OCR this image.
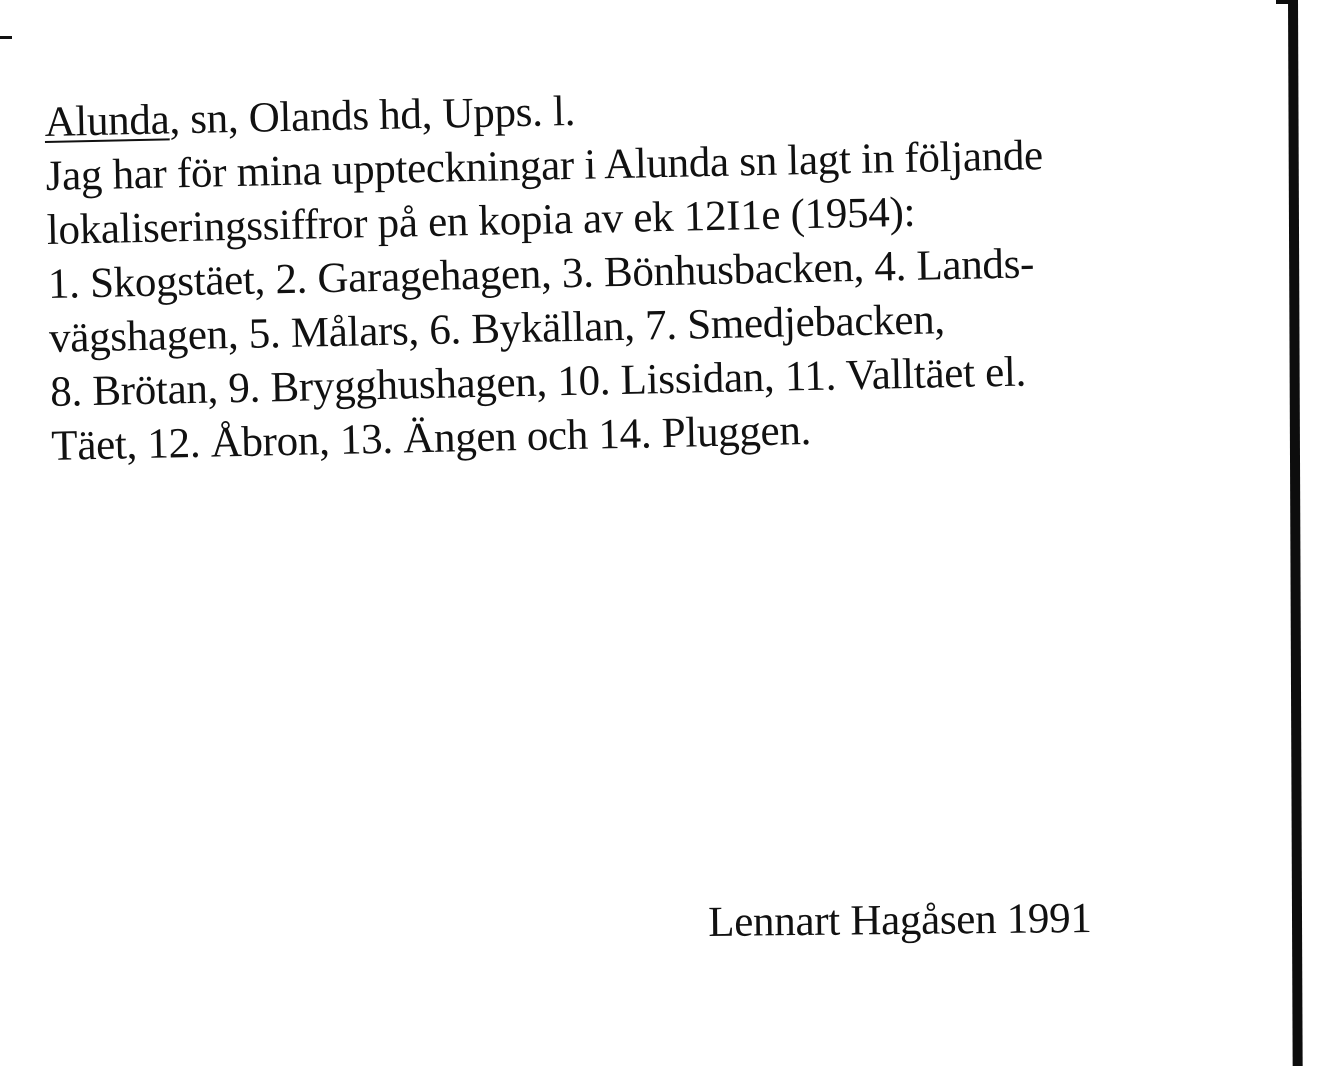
Alunda, sn, Olands hd, Upps. l.
Jag har för mina uppteckningar i Alunda sn lagt in följande
lokaliseringssiffror på en kopia av ek 12I1e (1954):
1. Skogstäet, 2. Garagehagen, 3. Bönhusbacken, 4. Lands-
vägshagen, 5. Målars, 6. Bykällan, 7. Smedjebacken,
8. Brötan, 9. Brygghushagen, 10. Lissidan, 11. Valltäet el.
Täet, 12. Åbron, 13. Ängen och 14. Pluggen.
Lennart Hagåsen 1991
